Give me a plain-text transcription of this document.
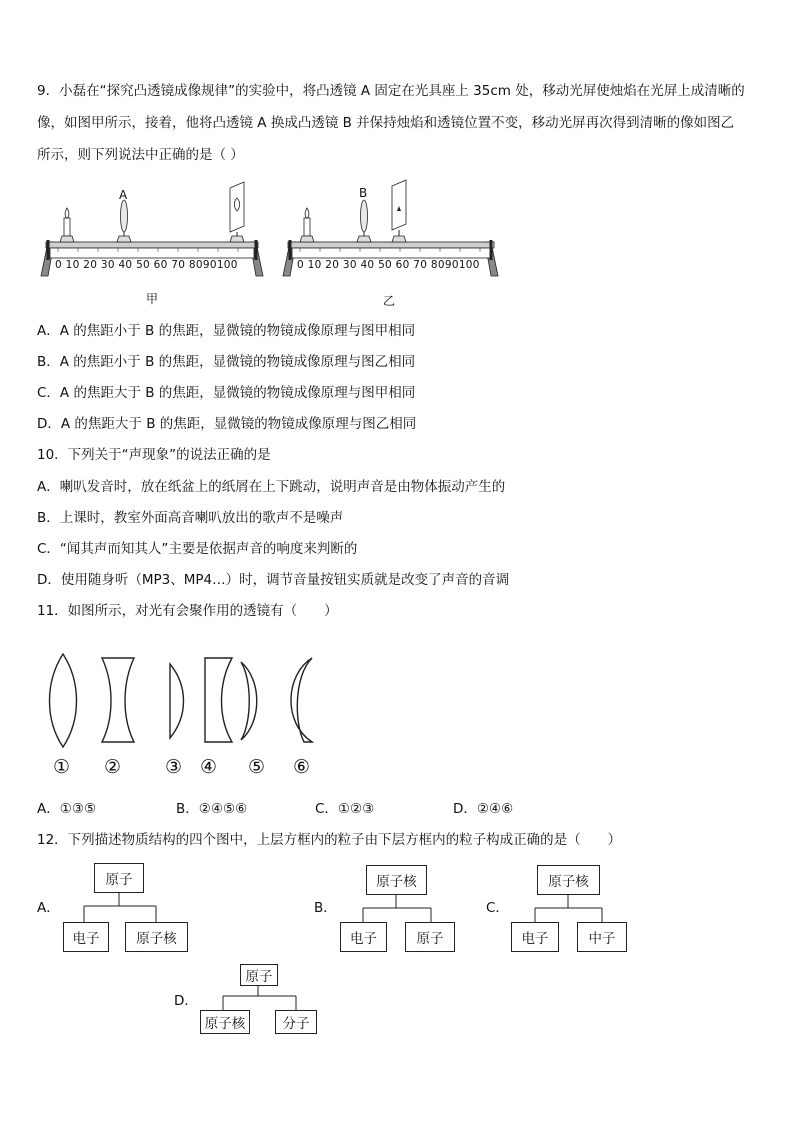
9．小磊在“探究凸透镜成像规律”的实验中，将凸透镜 A 固定在光具座上 35cm 处，移动光屏使烛焰在光屏上成清晰的
像，如图甲所示，接着，他将凸透镜 A 换成凸透镜 B 并保持烛焰和透镜位置不变，移动光屏再次得到清晰的像如图乙
所示，则下列说法中正确的是（ ）
A
0 10 20 30 40 50 60 70 8090100
甲
B
0 10 20 30 40 50 60 70 8090100
乙
A．A 的焦距小于 B 的焦距，显微镜的物镜成像原理与图甲相同
B．A 的焦距小于 B 的焦距，显微镜的物镜成像原理与图乙相同
C．A 的焦距大于 B 的焦距，显微镜的物镜成像原理与图甲相同
D．A 的焦距大于 B 的焦距，显微镜的物镜成像原理与图乙相同
10．下列关于“声现象”的说法正确的是
A．喇叭发音时，放在纸盆上的纸屑在上下跳动，说明声音是由物体振动产生的
B．上课时，教室外面高音喇叭放出的歌声不是噪声
C．“闻其声而知其人”主要是依据声音的响度来判断的
D．使用随身听（MP3、MP4…）时，调节音量按钮实质就是改变了声音的音调
11．如图所示，对光有会聚作用的透镜有（　　）
① ② ③ ④ ⑤ ⑥
A．①③⑤	B．②④⑤⑥	C．①②③	D．②④⑥
12．下列描述物质结构的四个图中，上层方框内的粒子由下层方框内的粒子构成正确的是（　　）
A．
原子
电子	原子核
B．
原子核
电子	原子
C．
原子核
电子	中子
D．
原子
原子核	分子
